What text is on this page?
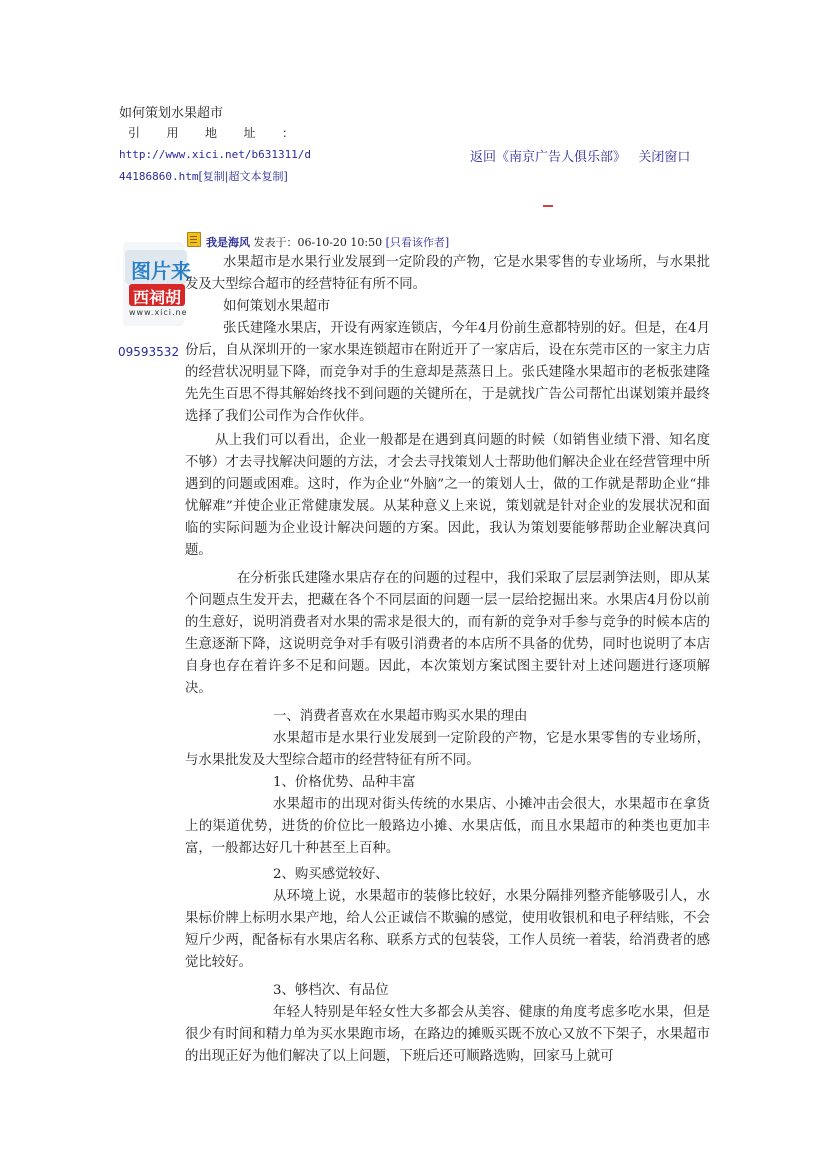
如何策划水果超市
引 用 地 址 ：
http://www.xici.net/b631311/d
44186860.htm[复制|超文本复制]
返回《南京广告人俱乐部》 关闭窗口
我是海风 发表于：06-10-20 10:50 [只看该作者]
图片来
西祠胡
www.xici.ne
09593532
水果超市是水果行业发展到一定阶段的产物，它是水果零售的专业场所，与水果批发及大型综合超市的经营特征有所不同。
如何策划水果超市
张氏建隆水果店，开设有两家连锁店，今年4月份前生意都特别的好。但是，在4月份后，自从深圳开的一家水果连锁超市在附近开了一家店后，设在东莞市区的一家主力店的经营状况明显下降，而竞争对手的生意却是蒸蒸日上。张氏建隆水果超市的老板张建隆先先生百思不得其解始终找不到问题的关键所在，于是就找广告公司帮忙出谋划策并最终选择了我们公司作为合作伙伴。
从上我们可以看出，企业一般都是在遇到真问题的时候（如销售业绩下滑、知名度不够）才去寻找解决问题的方法，才会去寻找策划人士帮助他们解决企业在经营管理中所遇到的问题或困难。这时，作为企业“外脑”之一的策划人士，做的工作就是帮助企业“排忧解难”并使企业正常健康发展。从某种意义上来说，策划就是针对企业的发展状况和面临的实际问题为企业设计解决问题的方案。因此，我认为策划要能够帮助企业解决真问题。
在分析张氏建隆水果店存在的问题的过程中，我们采取了层层剥笋法则，即从某个问题点生发开去，把藏在各个不同层面的问题一层一层给挖掘出来。水果店4月份以前的生意好，说明消费者对水果的需求是很大的，而有新的竞争对手参与竞争的时候本店的生意逐渐下降，这说明竞争对手有吸引消费者的本店所不具备的优势，同时也说明了本店自身也存在着许多不足和问题。因此，本次策划方案试图主要针对上述问题进行逐项解决。
一、消费者喜欢在水果超市购买水果的理由
水果超市是水果行业发展到一定阶段的产物，它是水果零售的专业场所，与水果批发及大型综合超市的经营特征有所不同。
1、价格优势、品种丰富
水果超市的出现对街头传统的水果店、小摊冲击会很大，水果超市在拿货上的渠道优势，进货的价位比一般路边小摊、水果店低，而且水果超市的种类也更加丰富，一般都达好几十种甚至上百种。
2、购买感觉较好、
从环境上说，水果超市的装修比较好，水果分隔排列整齐能够吸引人，水果标价牌上标明水果产地，给人公正诚信不欺骗的感觉，使用收银机和电子秤结账，不会短斤少两，配备标有水果店名称、联系方式的包装袋，工作人员统一着装，给消费者的感觉比较好。
3、够档次、有品位
年轻人特别是年轻女性大多都会从美容、健康的角度考虑多吃水果，但是很少有时间和精力单为买水果跑市场，在路边的摊贩买既不放心又放不下架子，水果超市的出现正好为他们解决了以上问题，下班后还可顺路选购，回家马上就可
